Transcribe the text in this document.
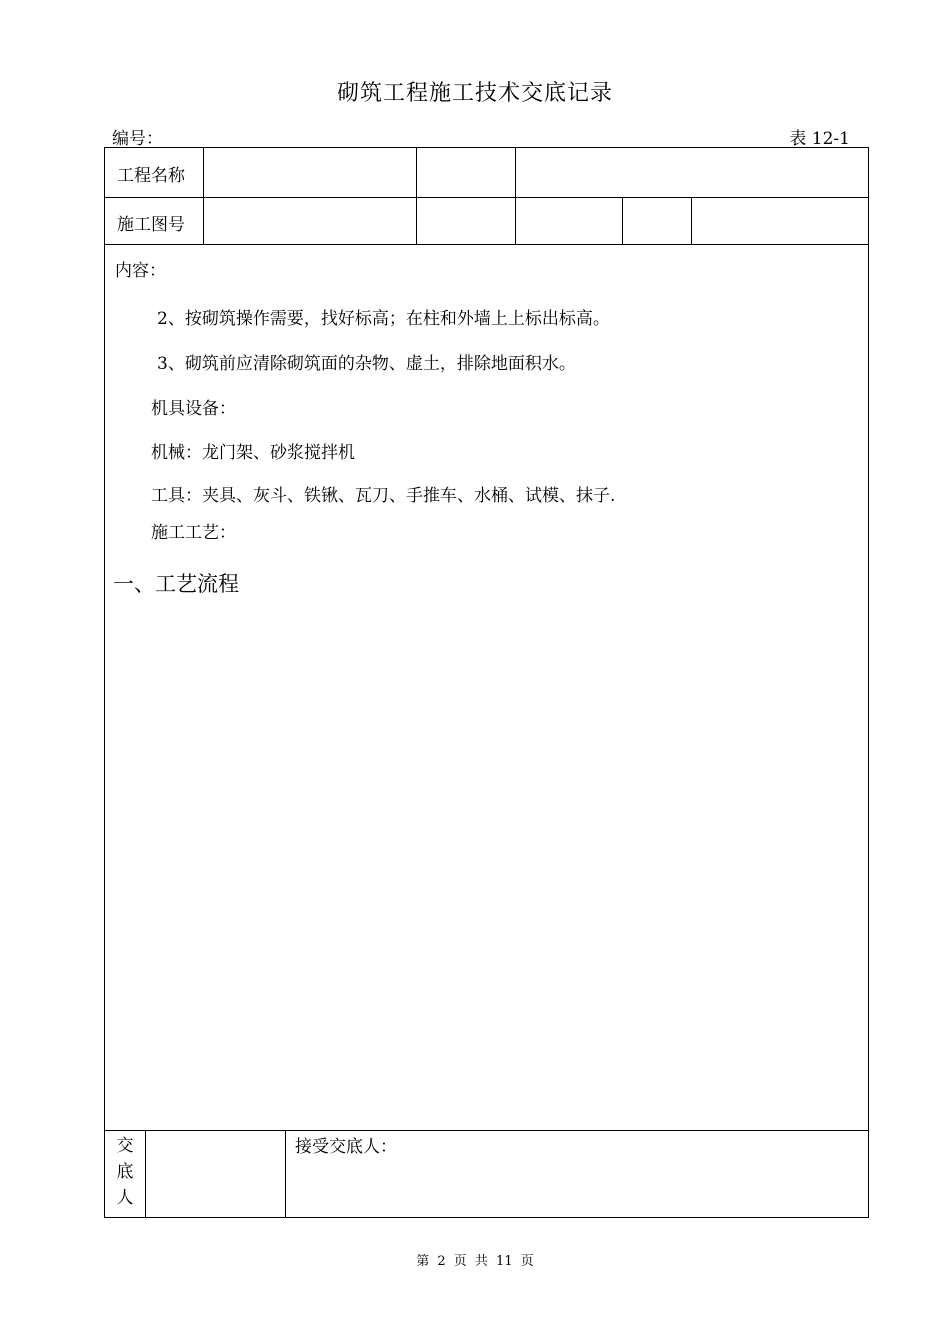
砌筑工程施工技术交底记录
编号：	表 12-1
工程名称
施工图号
内容：
2、按砌筑操作需要，找好标高；在柱和外墙上上标出标高。
3、砌筑前应清除砌筑面的杂物、虚土，排除地面积水。
机具设备：
机械：龙门架、砂浆搅拌机
工具：夹具、灰斗、铁锹、瓦刀、手推车、水桶、试模、抹子.
施工工艺：
一、工艺流程
交
底
人
接受交底人：
第 2 页 共 11 页
